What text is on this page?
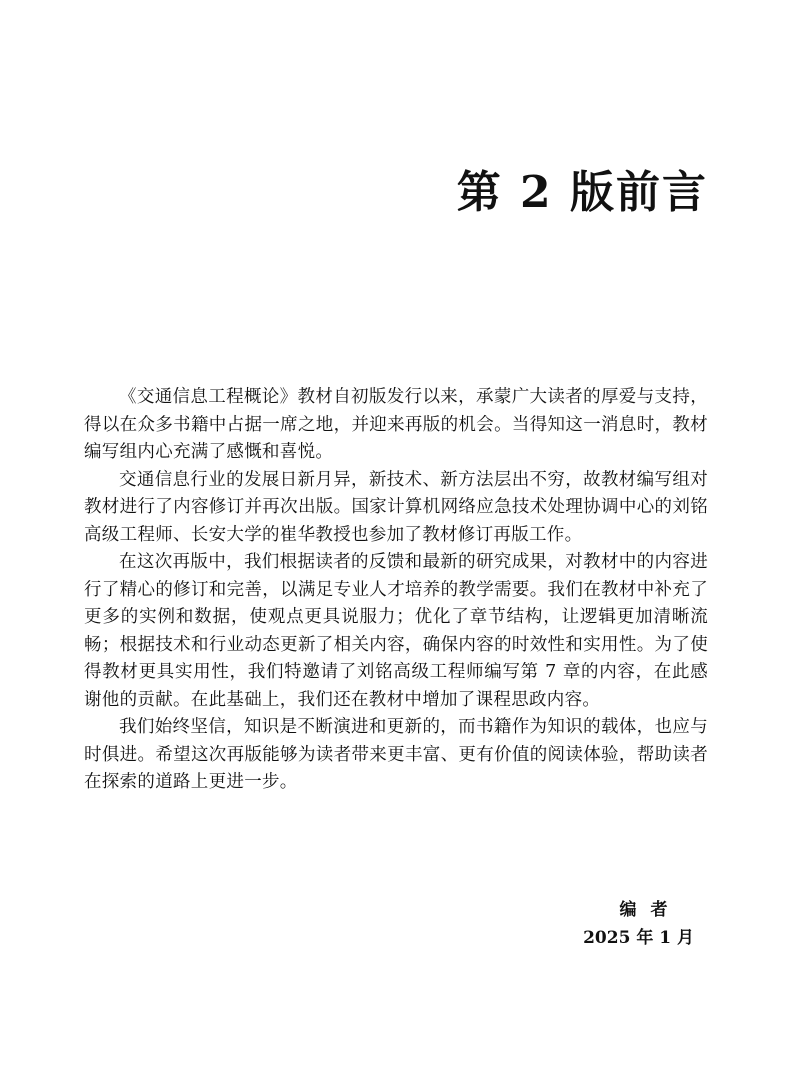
第 2 版前言

《交通信息工程概论》教材自初版发行以来，承蒙广大读者的厚爱与支持，得以在众多书籍中占据一席之地，并迎来再版的机会。当得知这一消息时，教材编写组内心充满了感慨和喜悦。

交通信息行业的发展日新月异，新技术、新方法层出不穷，故教材编写组对教材进行了内容修订并再次出版。国家计算机网络应急技术处理协调中心的刘铭高级工程师、长安大学的崔华教授也参加了教材修订再版工作。

在这次再版中，我们根据读者的反馈和最新的研究成果，对教材中的内容进行了精心的修订和完善，以满足专业人才培养的教学需要。我们在教材中补充了更多的实例和数据，使观点更具说服力；优化了章节结构，让逻辑更加清晰流畅；根据技术和行业动态更新了相关内容，确保内容的时效性和实用性。为了使得教材更具实用性，我们特邀请了刘铭高级工程师编写第 7 章的内容，在此感谢他的贡献。在此基础上，我们还在教材中增加了课程思政内容。

我们始终坚信，知识是不断演进和更新的，而书籍作为知识的载体，也应与时俱进。希望这次再版能够为读者带来更丰富、更有价值的阅读体验，帮助读者在探索的道路上更进一步。

编者
2025 年 1 月
